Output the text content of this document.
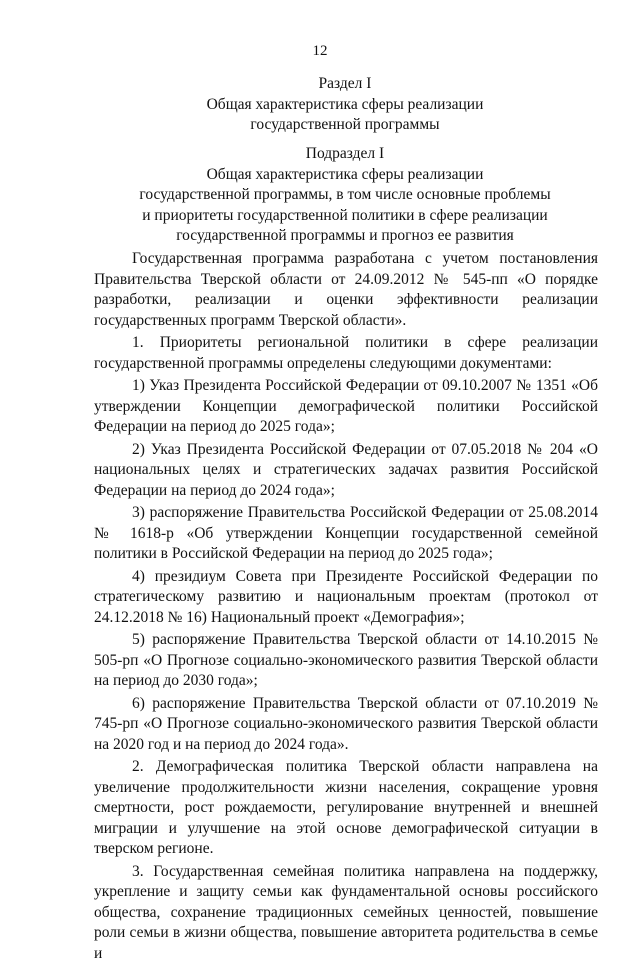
12
Раздел I
Общая характеристика сферы реализации
государственной программы
Подраздел I
Общая характеристика сферы реализации
государственной программы, в том числе основные проблемы
и приоритеты государственной политики в сфере реализации
государственной программы и прогноз ее развития

Государственная программа разработана с учетом постановления Правительства Тверской области от 24.09.2012 № 545-пп «О порядке разработки, реализации и оценки эффективности реализации государственных программ Тверской области».

1. Приоритеты региональной политики в сфере реализации государственной программы определены следующими документами:

1) Указ Президента Российской Федерации от 09.10.2007 № 1351 «Об утверждении Концепции демографической политики Российской Федерации на период до 2025 года»;

2) Указ Президента Российской Федерации от 07.05.2018 № 204 «О национальных целях и стратегических задачах развития Российской Федерации на период до 2024 года»;

3) распоряжение Правительства Российской Федерации от 25.08.2014 № 1618-р «Об утверждении Концепции государственной семейной политики в Российской Федерации на период до 2025 года»;

4) президиум Совета при Президенте Российской Федерации по стратегическому развитию и национальным проектам (протокол от 24.12.2018 № 16) Национальный проект «Демография»;

5) распоряжение Правительства Тверской области от 14.10.2015 № 505-рп «О Прогнозе социально-экономического развития Тверской области на период до 2030 года»;

6) распоряжение Правительства Тверской области от 07.10.2019 № 745-рп «О Прогнозе социально-экономического развития Тверской области на 2020 год и на период до 2024 года».

2. Демографическая политика Тверской области направлена на увеличение продолжительности жизни населения, сокращение уровня смертности, рост рождаемости, регулирование внутренней и внешней миграции и улучшение на этой основе демографической ситуации в тверском регионе.

3. Государственная семейная политика направлена на поддержку, укрепление и защиту семьи как фундаментальной основы российского общества, сохранение традиционных семейных ценностей, повышение роли семьи в жизни общества, повышение авторитета родительства в семье и
